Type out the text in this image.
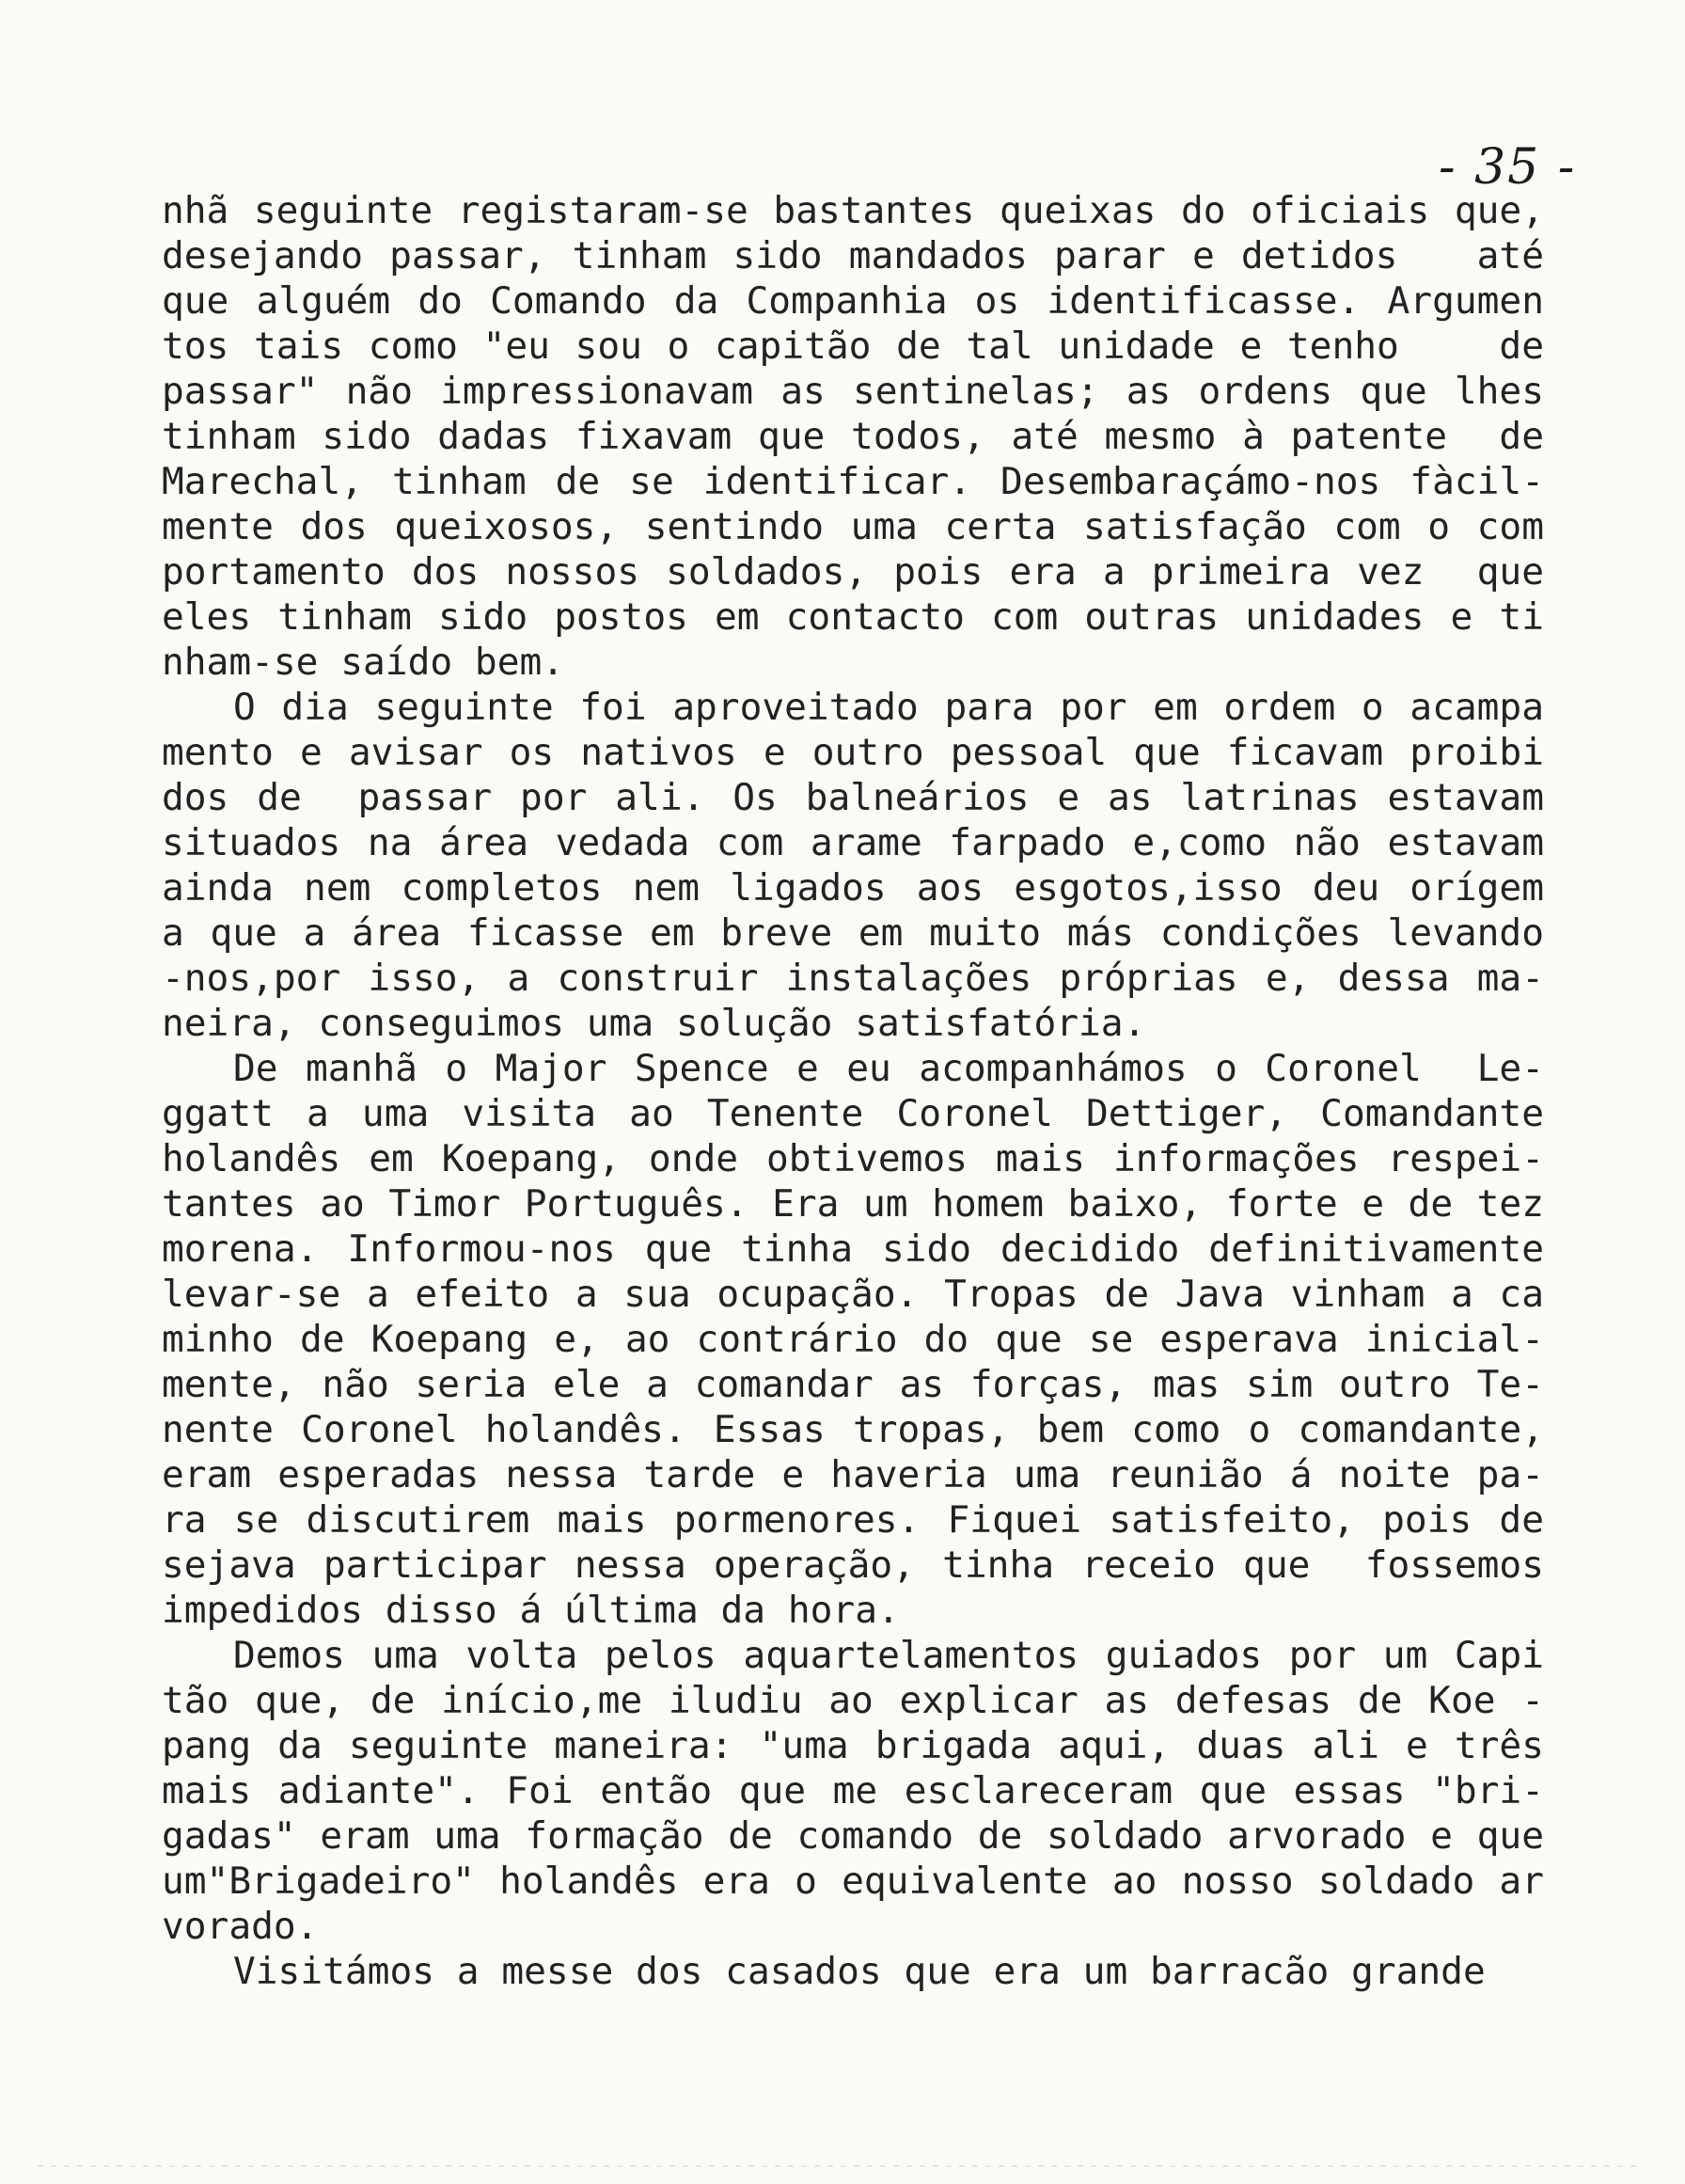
- 35 -
nhã seguinte registaram-se bastantes queixas do oficiais que,
desejando passar, tinham sido mandados parar e detidos   até
que alguém do Comando da Companhia os identificasse. Argumen
tos tais como "eu sou o capitão de tal unidade e tenho    de
passar" não impressionavam as sentinelas; as ordens que lhes
tinham sido dadas fixavam que todos, até mesmo à patente  de
Marechal, tinham de se identificar. Desembaraçámo-nos fàcil-
mente dos queixosos, sentindo uma certa satisfação com o com
portamento dos nossos soldados, pois era a primeira vez  que
eles tinham sido postos em contacto com outras unidades e ti
nham-se saído bem.
O dia seguinte foi aproveitado para por em ordem o acampa
mento e avisar os nativos e outro pessoal que ficavam proibi
dos de  passar por ali. Os balneários e as latrinas estavam
situados na área vedada com arame farpado e,como não estavam
ainda nem completos nem ligados aos esgotos,isso deu orígem
a que a área ficasse em breve em muito más condições levando
-nos,por isso, a construir instalações próprias e, dessa ma-
neira, conseguimos uma solução satisfatória.
De manhã o Major Spence e eu acompanhámos o Coronel  Le-
ggatt a uma visita ao Tenente Coronel Dettiger, Comandante
holandês em Koepang, onde obtivemos mais informações respei-
tantes ao Timor Português. Era um homem baixo, forte e de tez
morena. Informou-nos que tinha sido decidido definitivamente
levar-se a efeito a sua ocupação. Tropas de Java vinham a ca
minho de Koepang e, ao contrário do que se esperava inicial-
mente, não seria ele a comandar as forças, mas sim outro Te-
nente Coronel holandês. Essas tropas, bem como o comandante,
eram esperadas nessa tarde e haveria uma reunião á noite pa-
ra se discutirem mais pormenores. Fiquei satisfeito, pois de
sejava participar nessa operação, tinha receio que  fossemos
impedidos disso á última da hora.
Demos uma volta pelos aquartelamentos guiados por um Capi
tão que, de início,me iludiu ao explicar as defesas de Koe -
pang da seguinte maneira: "uma brigada aqui, duas ali e três
mais adiante". Foi então que me esclareceram que essas "bri-
gadas" eram uma formação de comando de soldado arvorado e que
um"Brigadeiro" holandês era o equivalente ao nosso soldado ar
vorado.
Visitámos a messe dos casados que era um barracão grande
